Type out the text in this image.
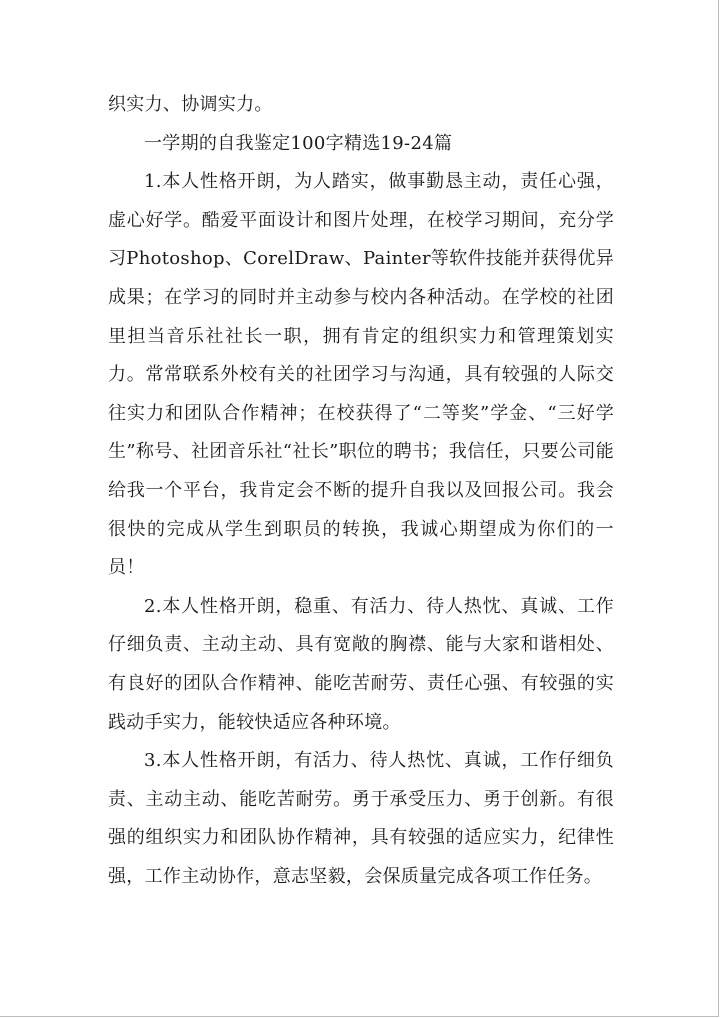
织实力、协调实力。

一学期的自我鉴定100字精选19-24篇

1.本人性格开朗，为人踏实，做事勤恳主动，责任心强，虚心好学。酷爱平面设计和图片处理，在校学习期间，充分学习Photoshop、CorelDraw、Painter等软件技能并获得优异成果；在学习的同时并主动参与校内各种活动。在学校的社团里担当音乐社社长一职，拥有肯定的组织实力和管理策划实力。常常联系外校有关的社团学习与沟通，具有较强的人际交往实力和团队合作精神；在校获得了“二等奖”学金、“三好学生”称号、社团音乐社“社长”职位的聘书；我信任，只要公司能给我一个平台，我肯定会不断的提升自我以及回报公司。我会很快的完成从学生到职员的转换，我诚心期望成为你们的一员！

2.本人性格开朗，稳重、有活力、待人热忱、真诚、工作仔细负责、主动主动、具有宽敞的胸襟、能与大家和谐相处、有良好的团队合作精神、能吃苦耐劳、责任心强、有较强的实践动手实力，能较快适应各种环境。

3.本人性格开朗，有活力、待人热忱、真诚，工作仔细负责、主动主动、能吃苦耐劳。勇于承受压力、勇于创新。有很强的组织实力和团队协作精神，具有较强的适应实力，纪律性强，工作主动协作，意志坚毅，会保质量完成各项工作任务。
